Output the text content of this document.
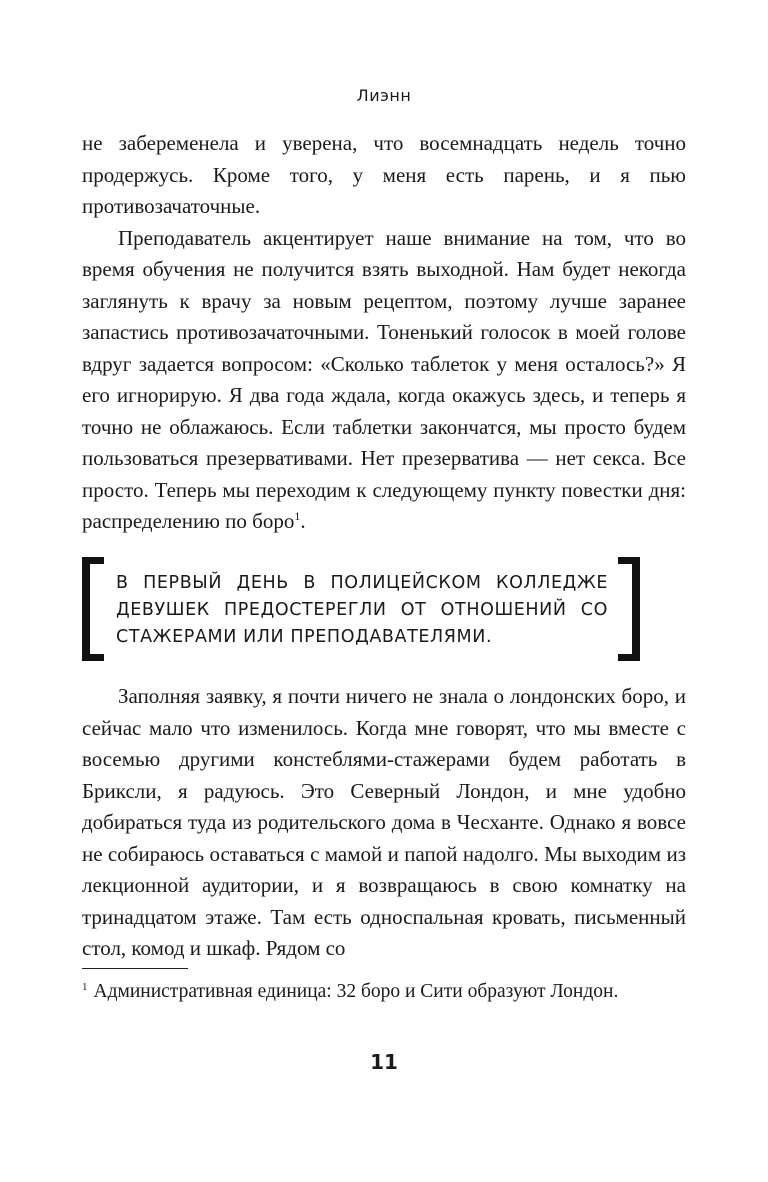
Лиэнн

не забеременела и уверена, что восемнадцать недель точно продержусь. Кроме того, у меня есть парень, и я пью противозачаточные.

Преподаватель акцентирует наше внимание на том, что во время обучения не получится взять выходной. Нам будет некогда заглянуть к врачу за новым рецептом, поэтому лучше заранее запастись противозачаточными. Тоненький голосок в моей голове вдруг задается вопросом: «Сколько таблеток у меня осталось?» Я его игнорирую. Я два года ждала, когда окажусь здесь, и теперь я точно не облажаюсь. Если таблетки закончатся, мы просто будем пользоваться презервативами. Нет презерватива — нет секса. Все просто. Теперь мы переходим к следующему пункту повестки дня: распределению по боро$^1$.

В ПЕРВЫЙ ДЕНЬ В ПОЛИЦЕЙСКОМ КОЛЛЕДЖЕ ДЕВУШЕК ПРЕДОСТЕРЕГЛИ ОТ ОТНОШЕНИЙ СО СТАЖЕРАМИ ИЛИ ПРЕПОДАВАТЕЛЯМИ.

Заполняя заявку, я почти ничего не знала о лондонских боро, и сейчас мало что изменилось. Когда мне говорят, что мы вместе с восемью другими констеблями-стажерами будем работать в Бриксли, я радуюсь. Это Северный Лондон, и мне удобно добираться туда из родительского дома в Чесханте. Однако я вовсе не собираюсь оставаться с мамой и папой надолго. Мы выходим из лекционной аудитории, и я возвращаюсь в свою комнатку на тринадцатом этаже. Там есть односпальная кровать, письменный стол, комод и шкаф. Рядом со

$^1$ Административная единица: 32 боро и Сити образуют Лондон.
11
